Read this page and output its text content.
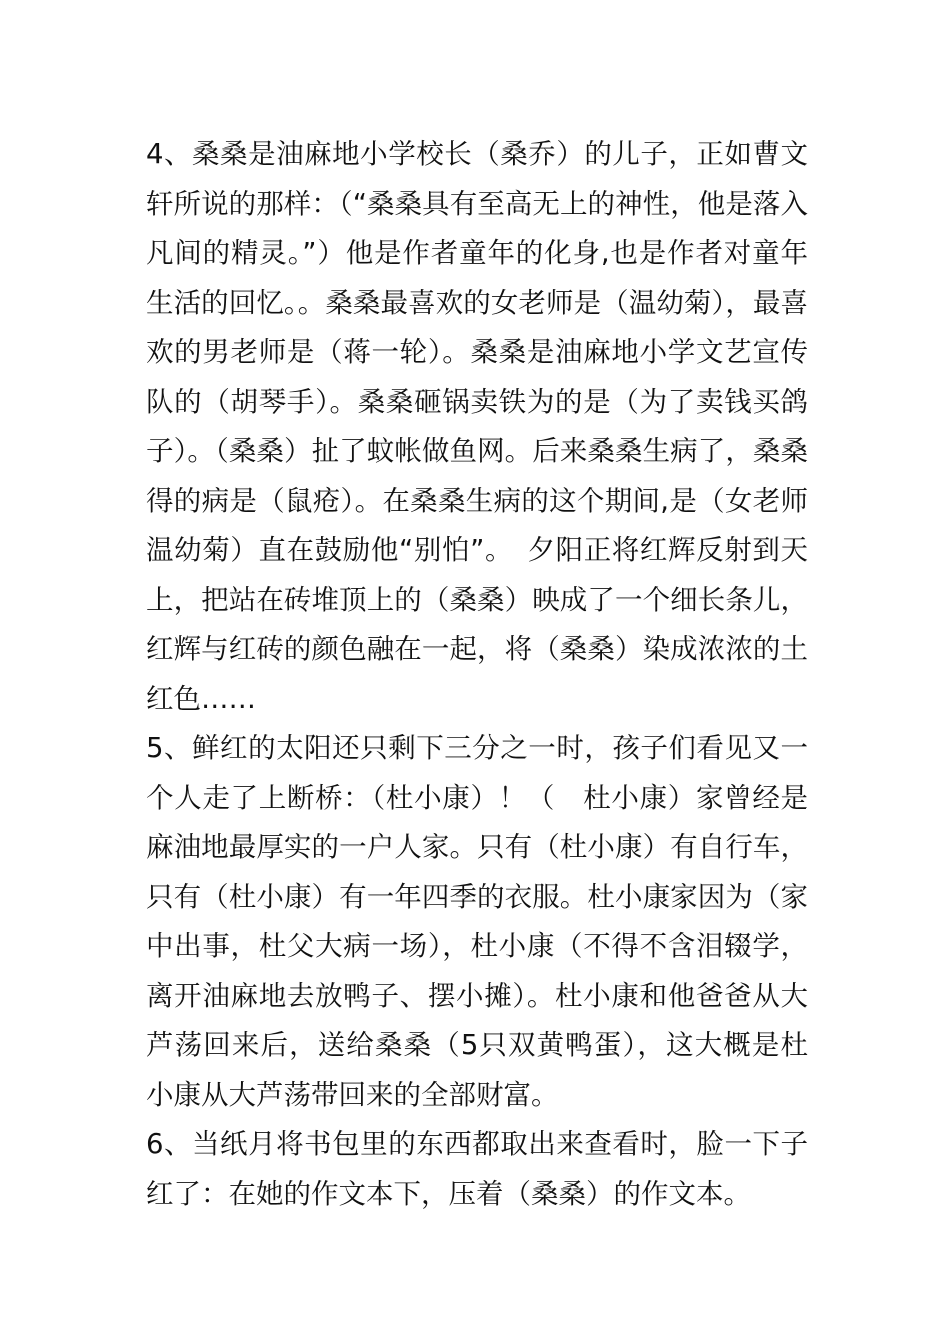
4、桑桑是油麻地小学校长（桑乔）的儿子，正如曹文轩所说的那样：（“桑桑具有至高无上的神性，他是落入凡间的精灵。”）他是作者童年的化身,也是作者对童年生活的回忆。。桑桑最喜欢的女老师是（温幼菊），最喜欢的男老师是（蒋一轮）。桑桑是油麻地小学文艺宣传队的（胡琴手）。桑桑砸锅卖铁为的是（为了卖钱买鸽子）。（桑桑）扯了蚊帐做鱼网。后来桑桑生病了，桑桑得的病是（鼠疮）。在桑桑生病的这个期间,是（女老师温幼菊）直在鼓励他“别怕”。　夕阳正将红辉反射到天上，把站在砖堆顶上的（桑桑）映成了一个细长条儿，红辉与红砖的颜色融在一起，将（桑桑）染成浓浓的土红色……

5、鲜红的太阳还只剩下三分之一时，孩子们看见又一个人走了上断桥：（杜小康）！（　杜小康）家曾经是麻油地最厚实的一户人家。只有（杜小康）有自行车，只有（杜小康）有一年四季的衣服。杜小康家因为（家中出事，杜父大病一场），杜小康（不得不含泪辍学，离开油麻地去放鸭子、摆小摊）。杜小康和他爸爸从大芦荡回来后，送给桑桑（5只双黄鸭蛋），这大概是杜小康从大芦荡带回来的全部财富。

6、当纸月将书包里的东西都取出来查看时，脸一下子红了：在她的作文本下，压着（桑桑）的作文本。
